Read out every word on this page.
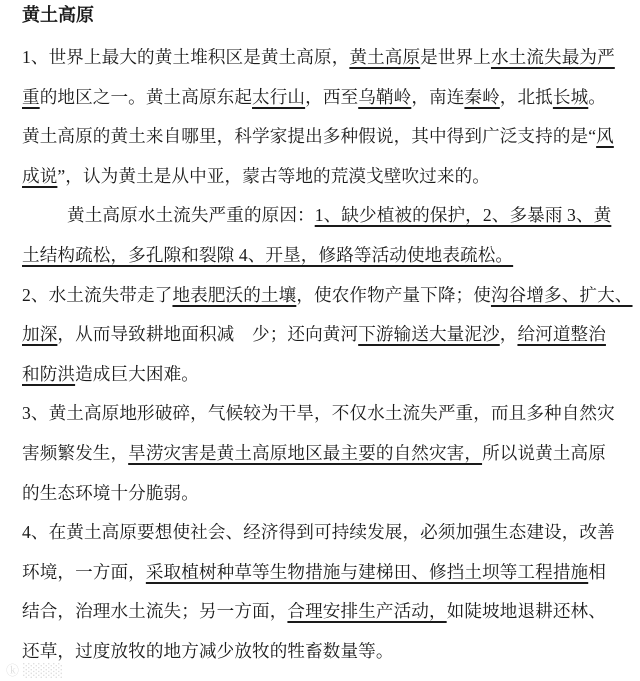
黄土高原
1、世界上最大的黄土堆积区是黄土高原，黄土高原是世界上水土流失最为严
重的地区之一。黄土高原东起太行山，西至乌鞘岭，南连秦岭，北抵长城。
黄土高原的黄土来自哪里，科学家提出多种假说，其中得到广泛支持的是“风
成说”，认为黄土是从中亚，蒙古等地的荒漠戈壁吹过来的。
黄土高原水土流失严重的原因：1、缺少植被的保护，2、多暴雨 3、黄
土结构疏松，多孔隙和裂隙 4、开垦，修路等活动使地表疏松。
2、水土流失带走了地表肥沃的土壤，使农作物产量下降；使沟谷增多、扩大、
加深，从而导致耕地面积减　少；还向黄河下游输送大量泥沙，给河道整治
和防洪造成巨大困难。
3、黄土高原地形破碎，气候较为干旱，不仅水土流失严重，而且多种自然灾
害频繁发生，旱涝灾害是黄土高原地区最主要的自然灾害，所以说黄土高原
的生态环境十分脆弱。
4、在黄土高原要想使社会、经济得到可持续发展，必须加强生态建设，改善
环境，一方面，采取植树种草等生物措施与建梯田、修挡土坝等工程措施相
结合，治理水土流失；另一方面，合理安排生产活动，如陡坡地退耕还林、
还草，过度放牧的地方减少放牧的牲畜数量等。
ⓚ ░░░░
